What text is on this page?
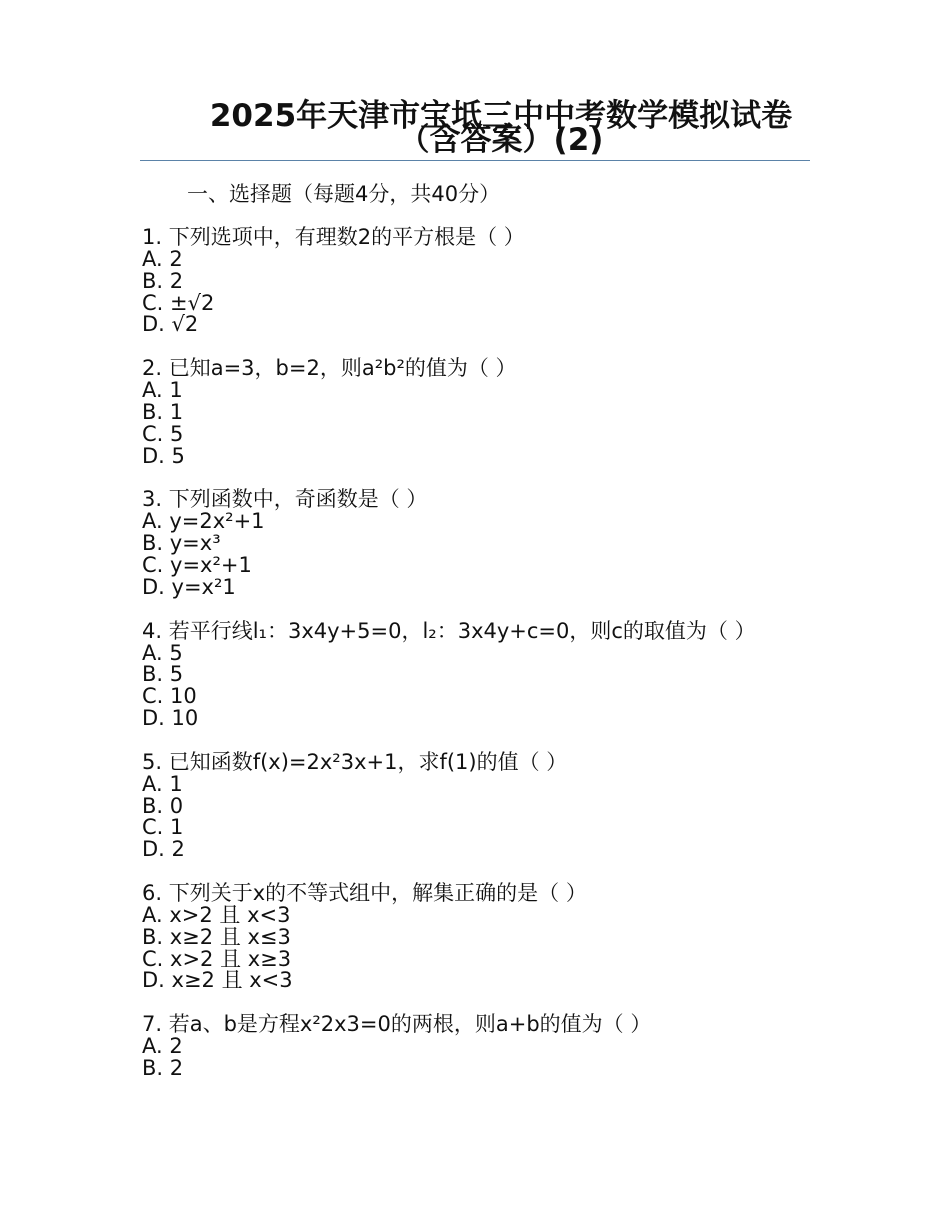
2025年天津市宝坻三中中考数学模拟试卷（含答案）(2)
一、选择题（每题4分，共40分）
1. 下列选项中，有理数2的平方根是（ ）
A. 2
B. 2
C. ±√2
D. √2
2. 已知a=3，b=2，则a²b²的值为（ ）
A. 1
B. 1
C. 5
D. 5
3. 下列函数中，奇函数是（ ）
A. y=2x²+1
B. y=x³
C. y=x²+1
D. y=x²1
4. 若平行线l₁：3x4y+5=0，l₂：3x4y+c=0，则c的取值为（ ）
A. 5
B. 5
C. 10
D. 10
5. 已知函数f(x)=2x²3x+1，求f(1)的值（ ）
A. 1
B. 0
C. 1
D. 2
6. 下列关于x的不等式组中，解集正确的是（ ）
A. x>2 且 x<3
B. x≥2 且 x≤3
C. x>2 且 x≥3
D. x≥2 且 x<3
7. 若a、b是方程x²2x3=0的两根，则a+b的值为（ ）
A. 2
B. 2
